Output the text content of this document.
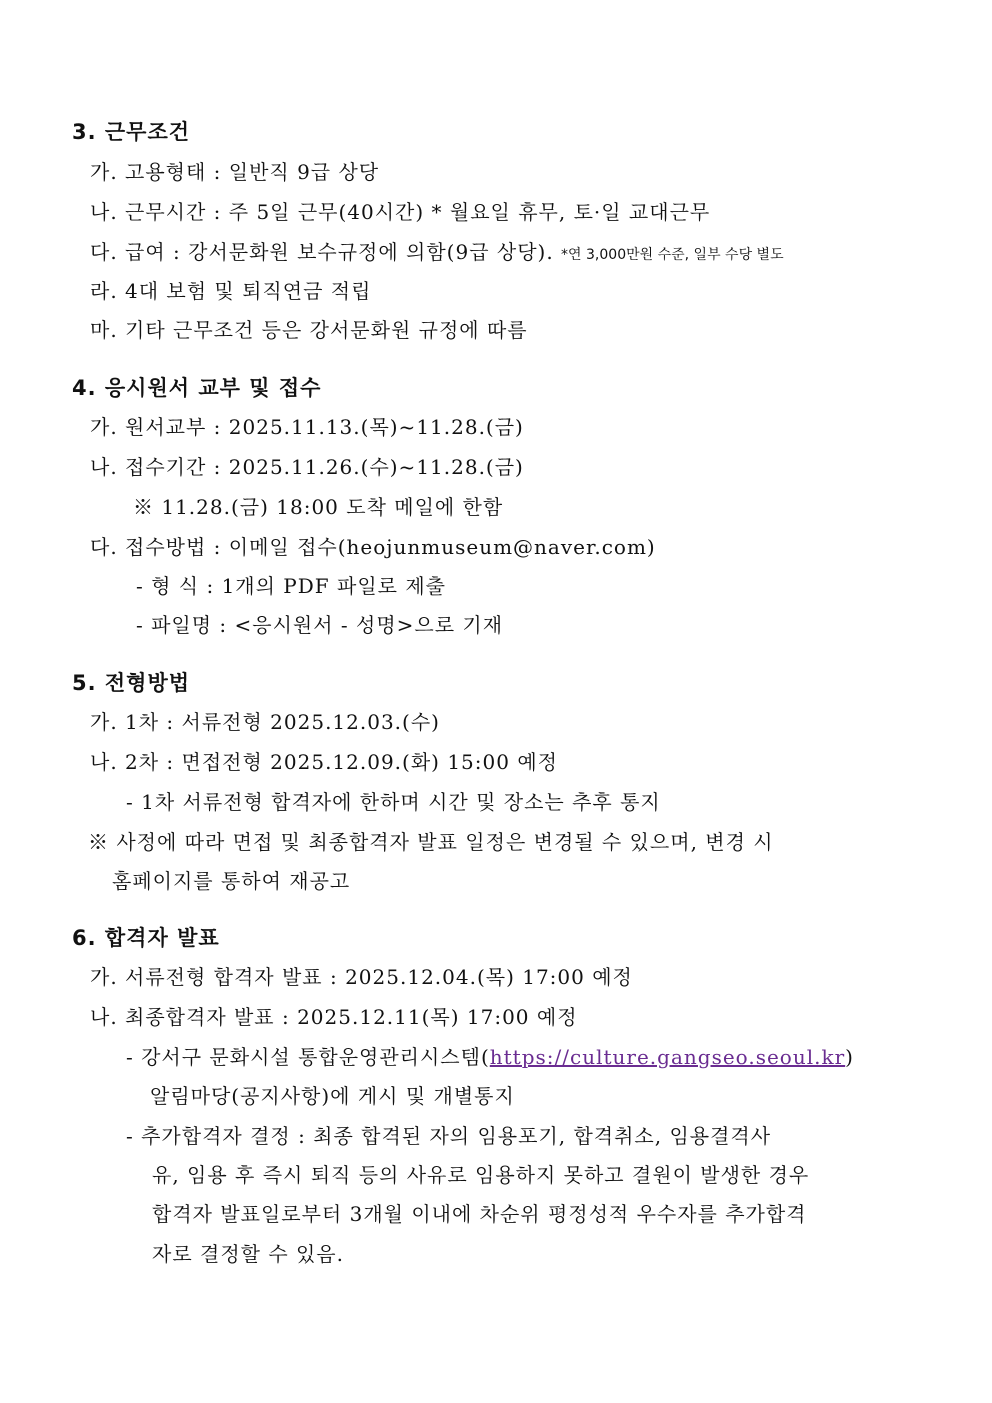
3. 근무조건
가. 고용형태 : 일반직 9급 상당
나. 근무시간 : 주 5일 근무(40시간) * 월요일 휴무, 토·일 교대근무
다. 급여 : 강서문화원 보수규정에 의함(9급 상당). *연 3,000만원 수준, 일부 수당 별도
라. 4대 보험 및 퇴직연금 적립
마. 기타 근무조건 등은 강서문화원 규정에 따름
4. 응시원서 교부 및 접수
가. 원서교부 : 2025.11.13.(목)~11.28.(금)
나. 접수기간 : 2025.11.26.(수)~11.28.(금)
※ 11.28.(금) 18:00 도착 메일에 한함
다. 접수방법 : 이메일 접수(heojunmuseum@naver.com)
- 형 식 : 1개의 PDF 파일로 제출
- 파일명 : <응시원서 - 성명>으로 기재
5. 전형방법
가. 1차 : 서류전형 2025.12.03.(수)
나. 2차 : 면접전형 2025.12.09.(화) 15:00 예정
- 1차 서류전형 합격자에 한하며 시간 및 장소는 추후 통지
※ 사정에 따라 면접 및 최종합격자 발표 일정은 변경될 수 있으며, 변경 시
홈페이지를 통하여 재공고
6. 합격자 발표
가. 서류전형 합격자 발표 : 2025.12.04.(목) 17:00 예정
나. 최종합격자 발표 : 2025.12.11(목) 17:00 예정
- 강서구 문화시설 통합운영관리시스템(https://culture.gangseo.seoul.kr)
알림마당(공지사항)에 게시 및 개별통지
- 추가합격자 결정 : 최종 합격된 자의 임용포기, 합격취소, 임용결격사
유, 임용 후 즉시 퇴직 등의 사유로 임용하지 못하고 결원이 발생한 경우
합격자 발표일로부터 3개월 이내에 차순위 평정성적 우수자를 추가합격
자로 결정할 수 있음.
